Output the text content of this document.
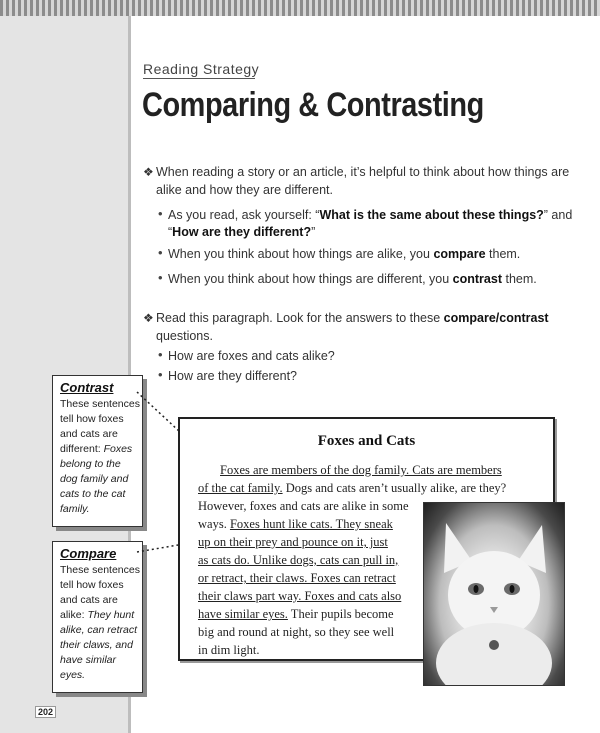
Reading Strategy
Comparing & Contrasting
❖ When reading a story or an article, it’s helpful to think about how things are
alike and how they are different.
• As you read, ask yourself: “What is the same about these things?” and
“How are they different?”
• When you think about how things are alike, you compare them.
• When you think about how things are different, you contrast them.
❖ Read this paragraph. Look for the answers to these compare/contrast
questions.
• How are foxes and cats alike?
• How are they different?
Contrast
These sentences
tell how foxes
and cats are
different: Foxes
belong to the
dog family and
cats to the cat
family.
Compare
These sentences
tell how foxes
and cats are
alike: They hunt
alike, can retract
their claws, and
have similar
eyes.
Foxes and Cats
Foxes are members of the dog family. Cats are members
of the cat family. Dogs and cats aren’t usually alike, are they?
However, foxes and cats are alike in some
ways. Foxes hunt like cats. They sneak
up on their prey and pounce on it, just
as cats do. Unlike dogs, cats can pull in,
or retract, their claws. Foxes can retract
their claws part way. Foxes and cats also
have similar eyes. Their pupils become
big and round at night, so they see well
in dim light.
202
